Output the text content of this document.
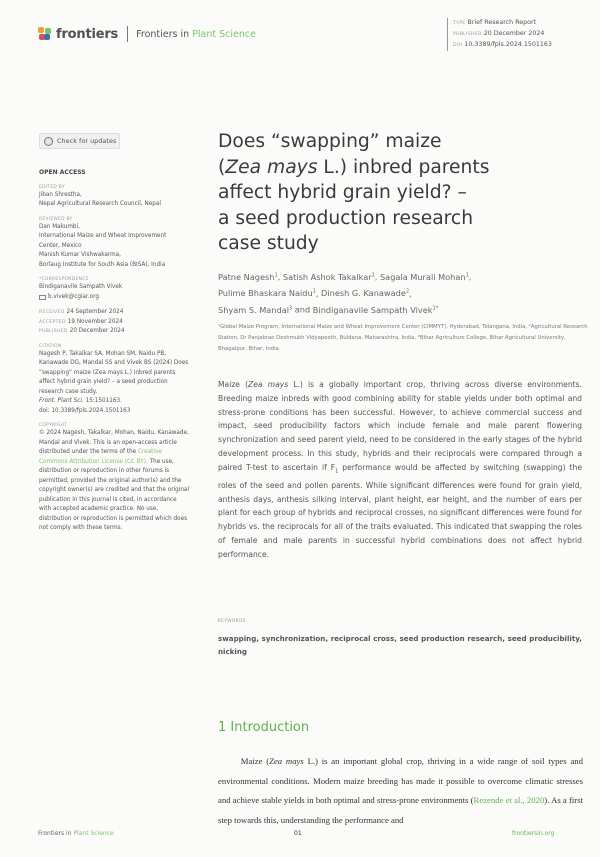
frontiers Frontiers in Plant Science
TYPE Brief Research Report
PUBLISHED 20 December 2024
DOI 10.3389/fpls.2024.1501163
Check for updates
OPEN ACCESS
EDITED BY
Jiban Shrestha,
Nepal Agricultural Research Council, Nepal
REVIEWED BY
Dan Makumbi,
International Maize and Wheat Improvement Center, Mexico
Manish Kumar Vishwakarma,
Borlaug Institute for South Asia (BISA), India
*CORRESPONDENCE
Bindiganavile Sampath Vivek
b.vivek@cgiar.org
RECEIVED 24 September 2024
ACCEPTED 19 November 2024
PUBLISHED 20 December 2024
CITATION
Nagesh P, Takalkar SA, Mohan SM, Naidu PB, Kanawade DG, Mandal SS and Vivek BS (2024) Does “swapping” maize (Zea mays L.) inbred parents affect hybrid grain yield? – a seed production research case study.
Front. Plant Sci. 15:1501163.
doi: 10.3389/fpls.2024.1501163
COPYRIGHT
© 2024 Nagesh, Takalkar, Mohan, Naidu, Kanawade, Mandal and Vivek. This is an open-access article distributed under the terms of the Creative Commons Attribution License (CC BY). The use, distribution or reproduction in other forums is permitted, provided the original author(s) and the copyright owner(s) are credited and that the original publication in this journal is cited, in accordance with accepted academic practice. No use, distribution or reproduction is permitted which does not comply with these terms.
Does “swapping” maize
(Zea mays L.) inbred parents
affect hybrid grain yield? –
a seed production research
case study
Patne Nagesh$^1$, Satish Ashok Takalkar$^1$, Sagala Murali Mohan$^1$,
Pulime Bhaskara Naidu$^1$, Dinesh G. Kanawade$^2$,
Shyam S. Mandal$^3$ and Bindiganavile Sampath Vivek$^{1*}$
¹Global Maize Program, International Maize and Wheat Improvement Center (CIMMYT), Hyderabad, Telangana, India, ²Agricultural Research Station, Dr Panjabrao Deshmukh Vidyapeeth, Buldana, Maharashtra, India, ³Bihar Agriculture College, Bihar Agricultural University, Bhagalpur, Bihar, India
Maize (Zea mays L.) is a globally important crop, thriving across diverse environments. Breeding maize inbreds with good combining ability for stable yields under both optimal and stress-prone conditions has been successful. However, to achieve commercial success and impact, seed producibility factors which include female and male parent flowering synchronization and seed parent yield, need to be considered in the early stages of the hybrid development process. In this study, hybrids and their reciprocals were compared through a paired T-test to ascertain if $F_1$ performance would be affected by switching (swapping) the roles of the seed and pollen parents. While significant differences were found for grain yield, anthesis days, anthesis silking interval, plant height, ear height, and the number of ears per plant for each group of hybrids and reciprocal crosses, no significant differences were found for hybrids vs. the reciprocals for all of the traits evaluated. This indicated that swapping the roles of female and male parents in successful hybrid combinations does not affect hybrid performance.
KEYWORDS
swapping, synchronization, reciprocal cross, seed production research, seed producibility, nicking
1 Introduction
Maize (Zea mays L.) is an important global crop, thriving in a wide range of soil types and environmental conditions. Modern maize breeding has made it possible to overcome climatic stresses and achieve stable yields in both optimal and stress-prone environments (Rezende et al., 2020). As a first step towards this, understanding the performance and
Frontiers in Plant Science	01	frontiersin.org
